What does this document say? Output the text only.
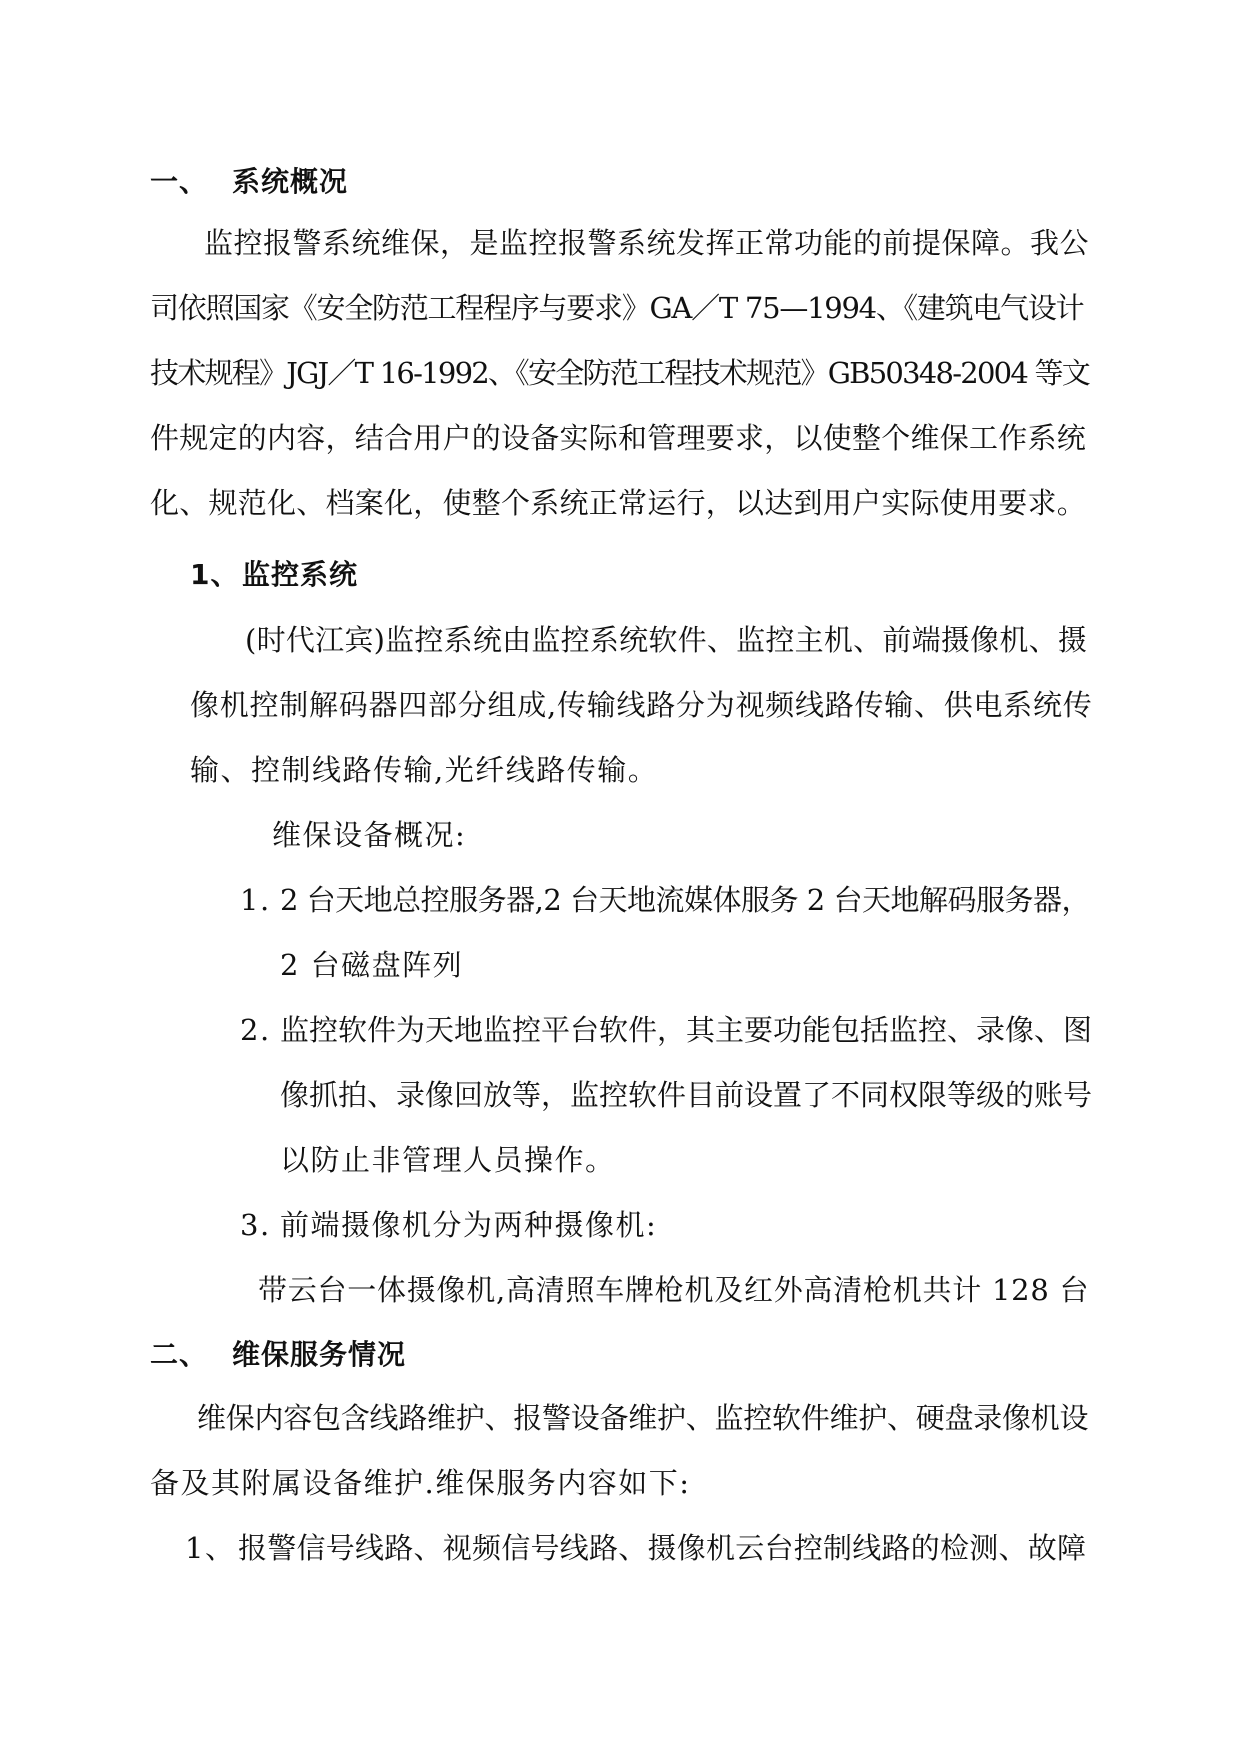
一、 系统概况
监控报警系统维保，是监控报警系统发挥正常功能的前提保障。我公
司依照国家《安全防范工程程序与要求》GA／T 75—1994、《建筑电气设计
技术规程》JGJ／T 16-1992、《安全防范工程技术规范》GB50348-2004 等文
件规定的内容，结合用户的设备实际和管理要求，以使整个维保工作系统
化、规范化、档案化，使整个系统正常运行，以达到用户实际使用要求。
1、 监控系统
(时代江宾)监控系统由监控系统软件、监控主机、前端摄像机、摄
像机控制解码器四部分组成,传输线路分为视频线路传输、供电系统传
输、控制线路传输,光纤线路传输。
维保设备概况:
1. 2 台天地总控服务器,2 台天地流媒体服务 2 台天地解码服务器，
2 台磁盘阵列
2. 监控软件为天地监控平台软件，其主要功能包括监控、录像、图
像抓拍、录像回放等，监控软件目前设置了不同权限等级的账号
以防止非管理人员操作。
3. 前端摄像机分为两种摄像机:
带云台一体摄像机,高清照车牌枪机及红外高清枪机共计 128 台
二、 维保服务情况
维保内容包含线路维护、报警设备维护、监控软件维护、硬盘录像机设
备及其附属设备维护.维保服务内容如下:
1、 报警信号线路、视频信号线路、摄像机云台控制线路的检测、故障
